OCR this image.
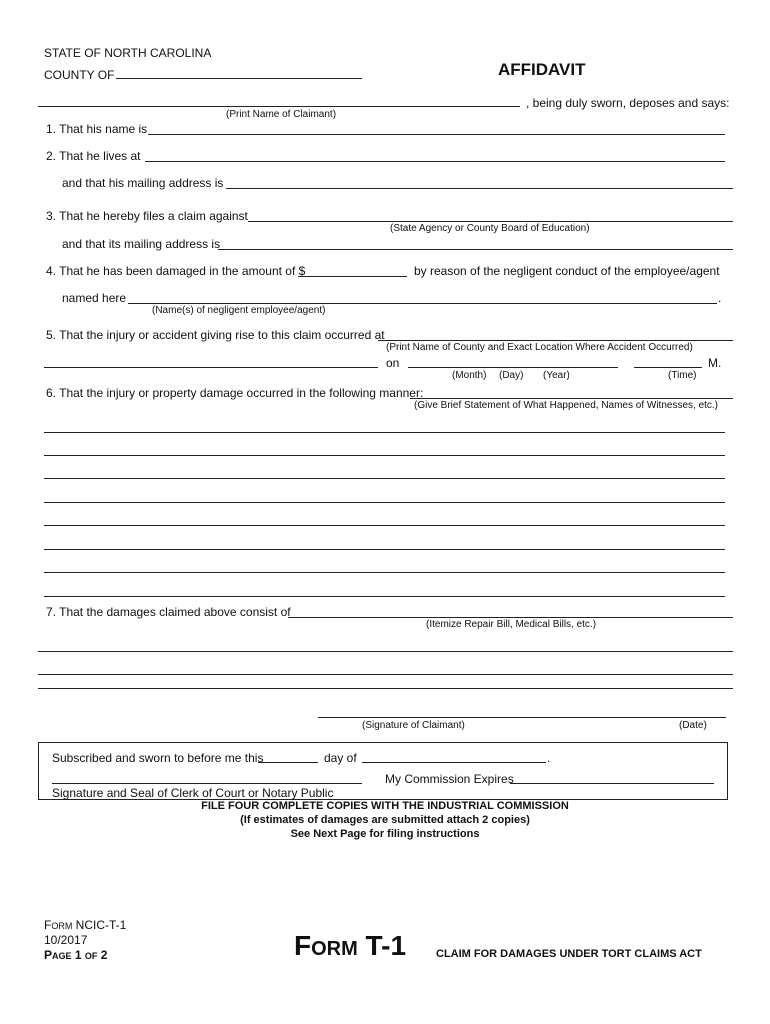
STATE OF NORTH CAROLINA
COUNTY OF	AFFIDAVIT
, being duly sworn, deposes and says:
(Print Name of Claimant)
1. That his name is
2. That he lives at
and that his mailing address is
3. That he hereby files a claim against
(State Agency or County Board of Education)
and that its mailing address is
4. That he has been damaged in the amount of $	by reason of the negligent conduct of the employee/agent
named here	.
(Name(s) of negligent employee/agent)
5. That the injury or accident giving rise to this claim occurred at
(Print Name of County and Exact Location Where Accident Occurred)
on	M.
(Month) (Day) (Year)	(Time)
6. That the injury or property damage occurred in the following manner:
(Give Brief Statement of What Happened, Names of Witnesses, etc.)
7. That the damages claimed above consist of
(Itemize Repair Bill, Medical Bills, etc.)
(Signature of Claimant)	(Date)
Subscribed and sworn to before me this	day of	.
My Commission Expires
Signature and Seal of Clerk of Court or Notary Public
FILE FOUR COMPLETE COPIES WITH THE INDUSTRIAL COMMISSION
(If estimates of damages are submitted attach 2 copies)
See Next Page for filing instructions
FORM NCIC-T-1
10/2017
PAGE 1 OF 2	FORM T-1	CLAIM FOR DAMAGES UNDER TORT CLAIMS ACT
